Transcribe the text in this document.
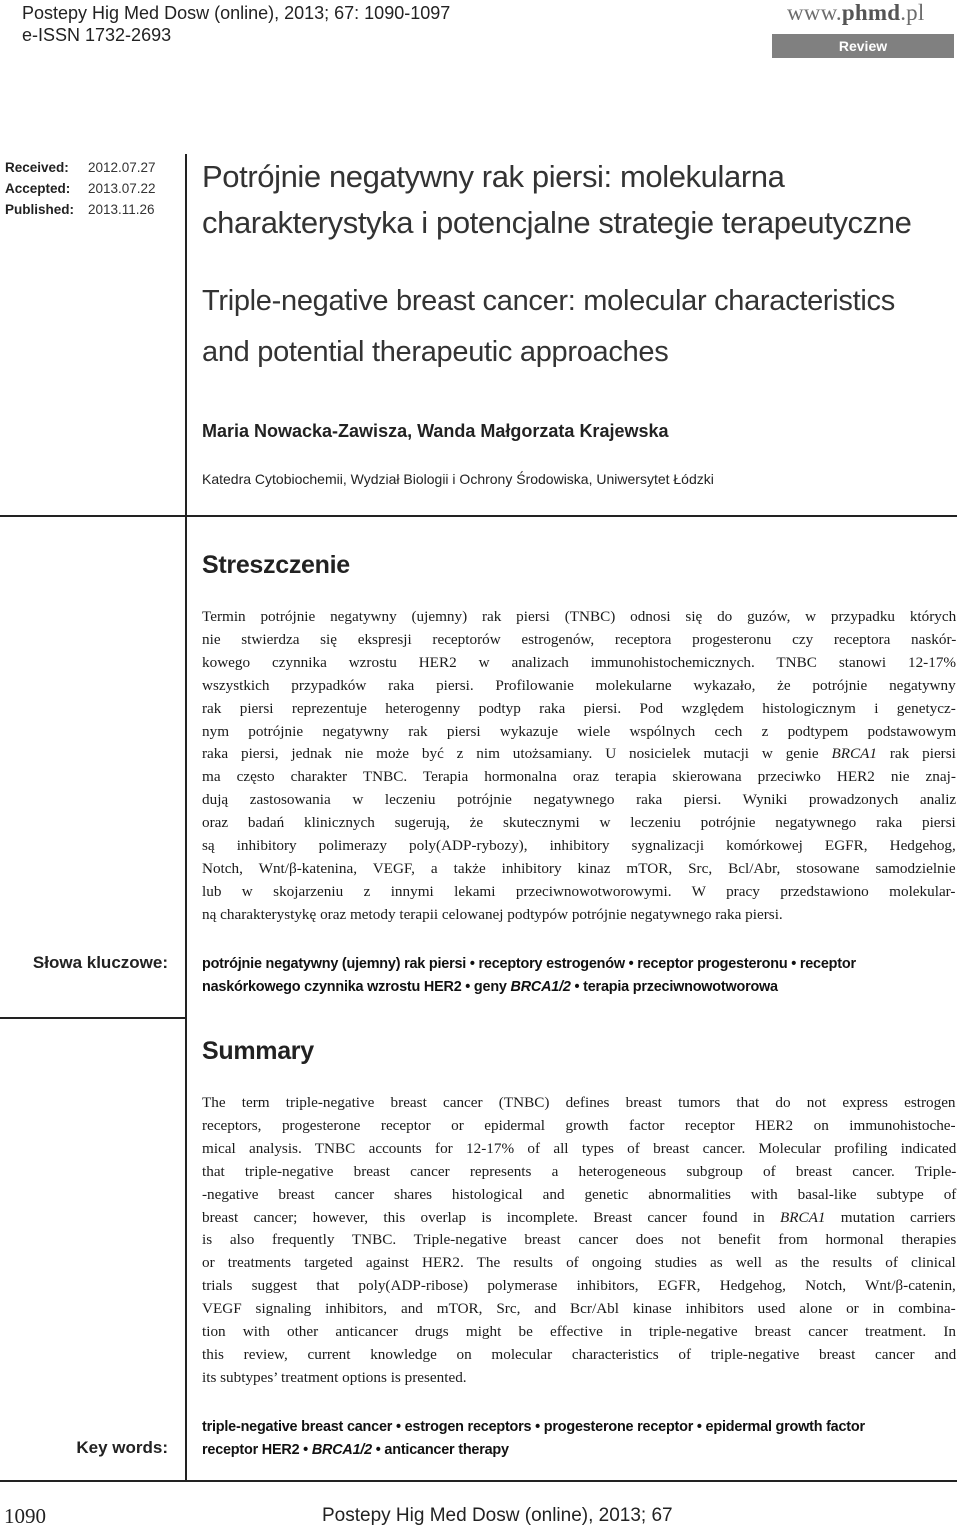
Postepy Hig Med Dosw (online), 2013; 67: 1090-1097
e-ISSN 1732-2693
www.phmd.pl
Review
Received:	2012.07.27
Accepted:	2013.07.22
Published:	2013.11.26
Potrójnie negatywny rak piersi: molekularna
charakterystyka i potencjalne strategie terapeutyczne
Triple-negative breast cancer: molecular characteristics
and potential therapeutic approaches
Maria Nowacka-Zawisza, Wanda Małgorzata Krajewska
Katedra Cytobiochemii, Wydział Biologii i Ochrony Środowiska, Uniwersytet Łódzki
Streszczenie
Termin potrójnie negatywny (ujemny) rak piersi (TNBC) odnosi się do guzów, w przypadku których
nie stwierdza się ekspresji receptorów estrogenów, receptora progesteronu czy receptora naskór-
kowego czynnika wzrostu HER2 w analizach immunohistochemicznych. TNBC stanowi 12-17%
wszystkich przypadków raka piersi. Profilowanie molekularne wykazało, że potrójnie negatywny
rak piersi reprezentuje heterogenny podtyp raka piersi. Pod względem histologicznym i genetycz-
nym potrójnie negatywny rak piersi wykazuje wiele wspólnych cech z podtypem podstawowym
raka piersi, jednak nie może być z nim utożsamiany. U nosicielek mutacji w genie BRCA1 rak piersi
ma często charakter TNBC. Terapia hormonalna oraz terapia skierowana przeciwko HER2 nie znaj-
dują zastosowania w leczeniu potrójnie negatywnego raka piersi. Wyniki prowadzonych analiz
oraz badań klinicznych sugerują, że skutecznymi w leczeniu potrójnie negatywnego raka piersi
są inhibitory polimerazy poly(ADP-rybozy), inhibitory sygnalizacji komórkowej EGFR, Hedgehog,
Notch, Wnt/β-katenina, VEGF, a także inhibitory kinaz mTOR, Src, Bcl/Abr, stosowane samodzielnie
lub w skojarzeniu z innymi lekami przeciwnowotworowymi. W pracy przedstawiono molekular-
ną charakterystykę oraz metody terapii celowanej podtypów potrójnie negatywnego raka piersi.
Słowa kluczowe: potrójnie negatywny (ujemny) rak piersi • receptory estrogenów • receptor progesteronu • receptor
naskórkowego czynnika wzrostu HER2 • geny BRCA1/2 • terapia przeciwnowotworowa
Summary
The term triple-negative breast cancer (TNBC) defines breast tumors that do not express estrogen
receptors, progesterone receptor or epidermal growth factor receptor HER2 on immunohistoche-
mical analysis. TNBC accounts for 12-17% of all types of breast cancer. Molecular profiling indicated
that triple-negative breast cancer represents a heterogeneous subgroup of breast cancer. Triple-
-negative breast cancer shares histological and genetic abnormalities with basal-like subtype of
breast cancer; however, this overlap is incomplete. Breast cancer found in BRCA1 mutation carriers
is also frequently TNBC. Triple-negative breast cancer does not benefit from hormonal therapies
or treatments targeted against HER2. The results of ongoing studies as well as the results of clinical
trials suggest that poly(ADP-ribose) polymerase inhibitors, EGFR, Hedgehog, Notch, Wnt/β-catenin,
VEGF signaling inhibitors, and mTOR, Src, and Bcr/Abl kinase inhibitors used alone or in combina-
tion with other anticancer drugs might be effective in triple-negative breast cancer treatment. In
this review, current knowledge on molecular characteristics of triple-negative breast cancer and
its subtypes’ treatment options is presented.
Key words:
triple-negative breast cancer • estrogen receptors • progesterone receptor • epidermal growth factor
receptor HER2 • BRCA1/2 • anticancer therapy
1090	Postepy Hig Med Dosw (online), 2013; 67
